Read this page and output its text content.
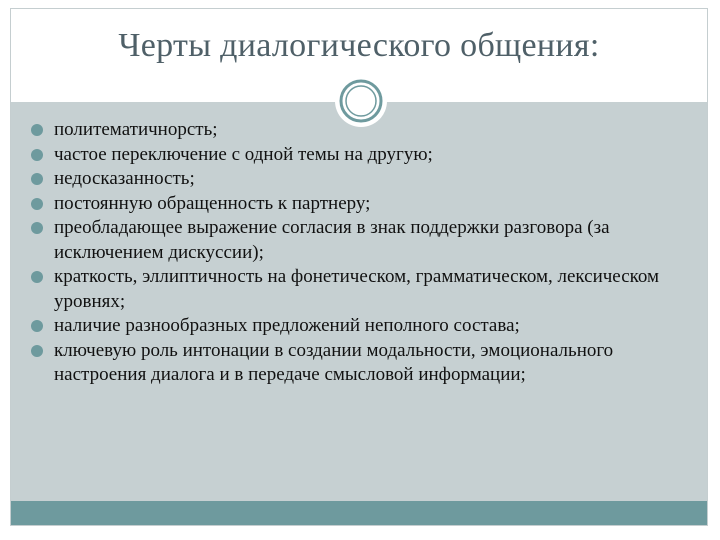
Черты диалогического общения:
политематичнорсть;
частое переключение с одной темы на другую;
недосказанность;
постоянную обращенность к партнеру;
преобладающее выражение согласия в знак поддержки разговора (за исключением дискуссии);
краткость, эллиптичность на фонетическом, грамматическом, лексическом уровнях;
наличие разнообразных предложений неполного состава;
ключевую роль интонации в создании модальности, эмоционального настроения диалога и в передаче смысловой информации;
